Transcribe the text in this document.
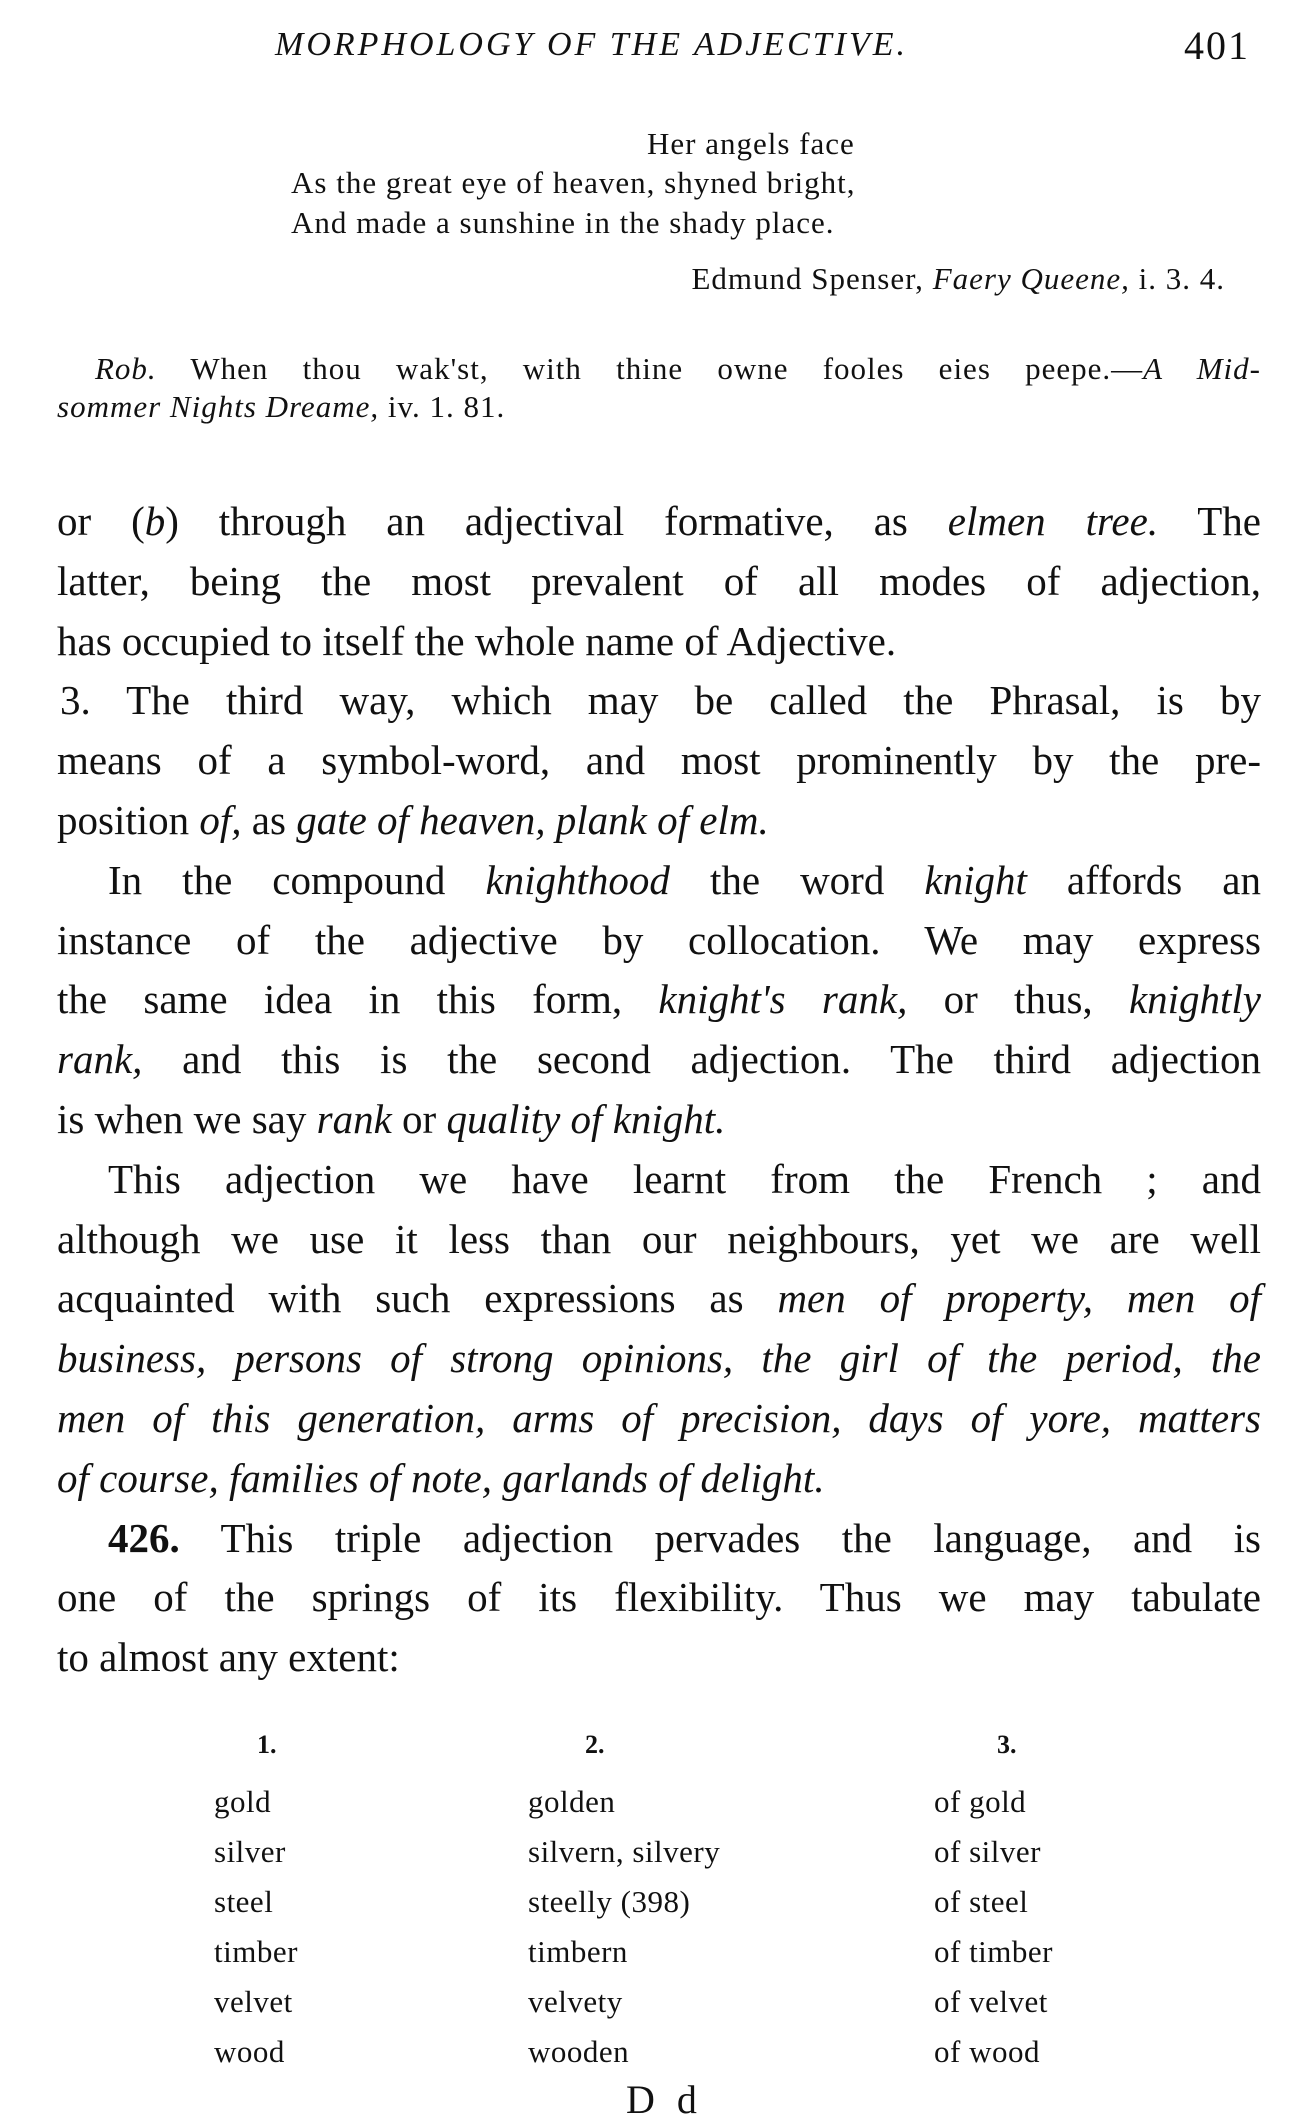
MORPHOLOGY OF THE ADJECTIVE.	401
Her angels face
As the great eye of heaven, shyned bright,
And made a sunshine in the shady place.
Edmund Spenser, Faery Queene, i. 3. 4.
Rob. When thou wak'st, with thine owne fooles eies peepe.—A Mid-
sommer Nights Dreame, iv. 1. 81.
or (b) through an adjectival formative, as elmen tree. The
latter, being the most prevalent of all modes of adjection,
has occupied to itself the whole name of Adjective.
3. The third way, which may be called the Phrasal, is by
means of a symbol-word, and most prominently by the pre-
position of, as gate of heaven, plank of elm.
In the compound knighthood the word knight affords an
instance of the adjective by collocation. We may express
the same idea in this form, knight's rank, or thus, knightly
rank, and this is the second adjection. The third adjection
is when we say rank or quality of knight.
This adjection we have learnt from the French ; and
although we use it less than our neighbours, yet we are well
acquainted with such expressions as men of property, men of
business, persons of strong opinions, the girl of the period, the
men of this generation, arms of precision, days of yore, matters
of course, families of note, garlands of delight.
426. This triple adjection pervades the language, and is
one of the springs of its flexibility. Thus we may tabulate
to almost any extent:
1.	2.	3.
gold	golden	of gold
silver	silvern, silvery	of silver
steel	steelly (398)	of steel
timber	timbern	of timber
velvet	velvety	of velvet
wood	wooden	of wood
D d
